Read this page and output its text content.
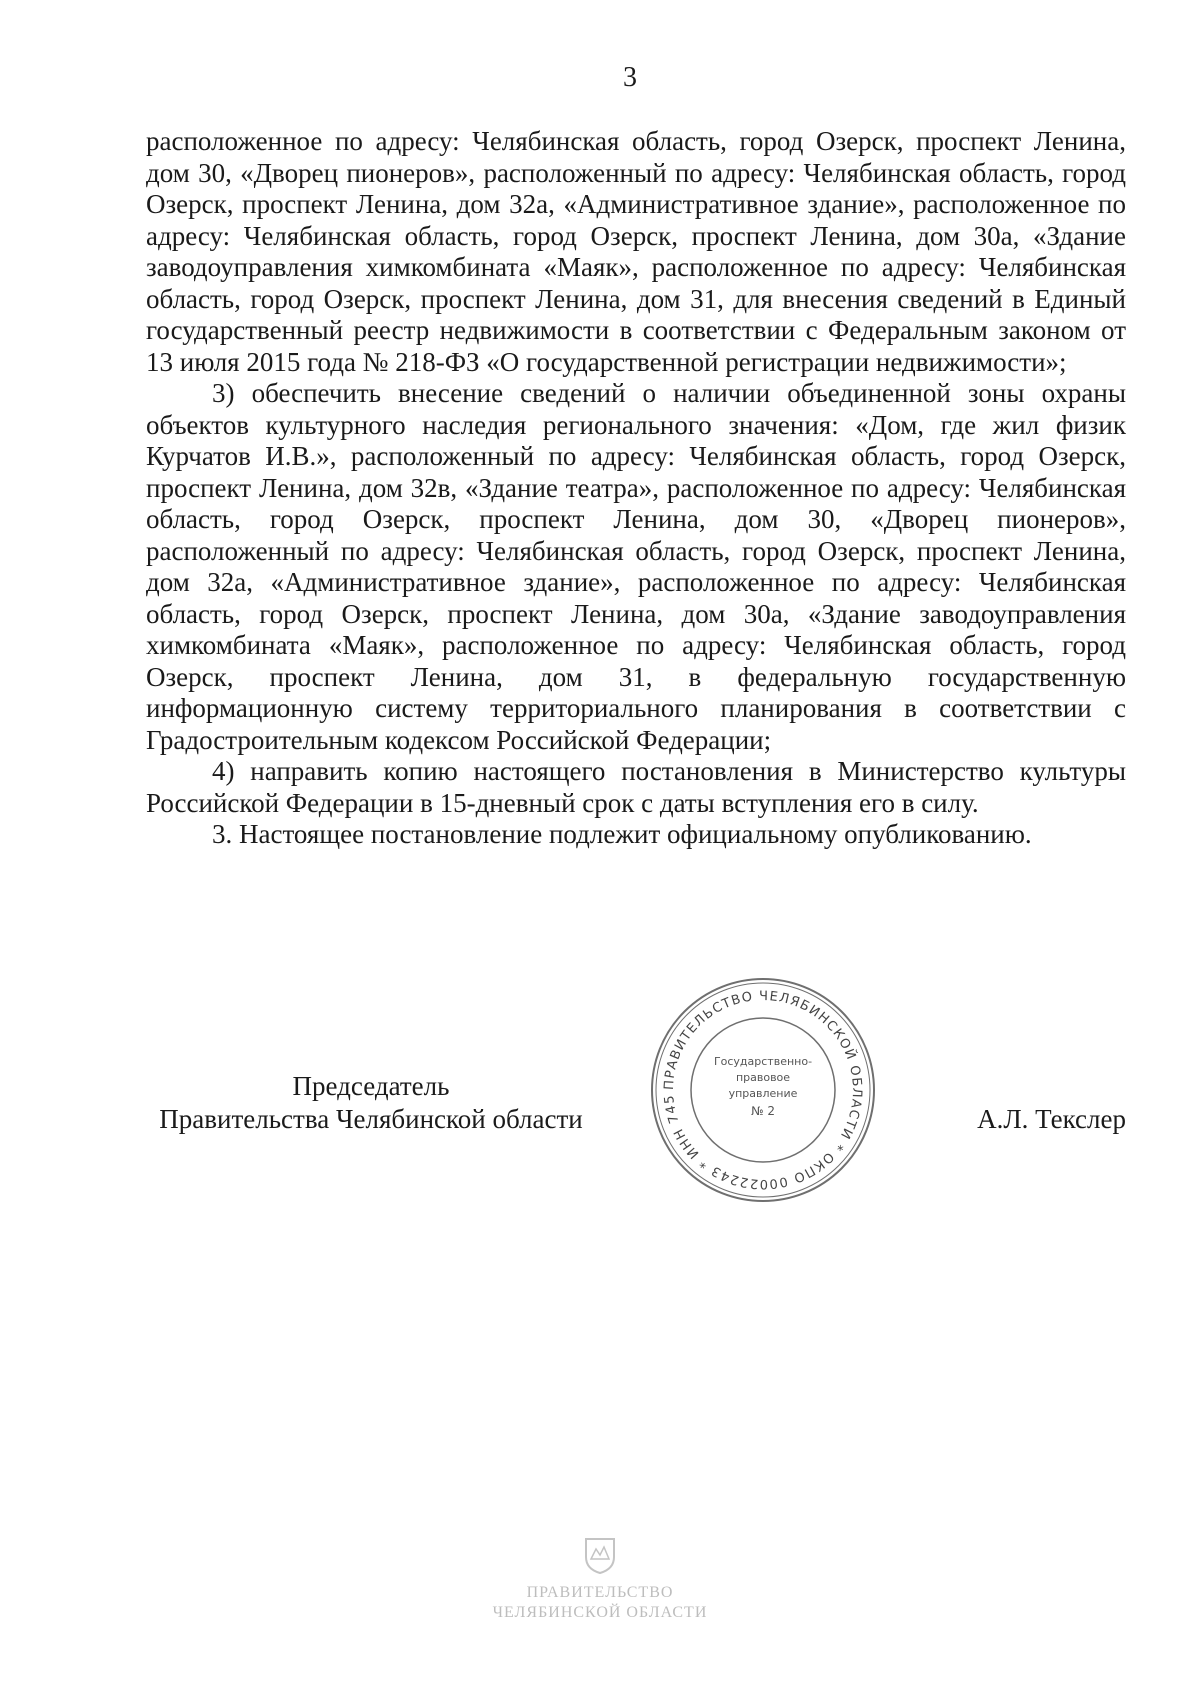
3

расположенное по адресу: Челябинская область, город Озерск, проспект Ленина, дом 30, «Дворец пионеров», расположенный по адресу: Челябинская область, город Озерск, проспект Ленина, дом 32а, «Административное здание», расположенное по адресу: Челябинская область, город Озерск, проспект Ленина, дом 30а, «Здание заводоуправления химкомбината «Маяк», расположенное по адресу: Челябинская область, город Озерск, проспект Ленина, дом 31, для внесения сведений в Единый государственный реестр недвижимости в соответствии с Федеральным законом от 13 июля 2015 года № 218-ФЗ «О государственной регистрации недвижимости»;

3) обеспечить внесение сведений о наличии объединенной зоны охраны объектов культурного наследия регионального значения: «Дом, где жил физик Курчатов И.В.», расположенный по адресу: Челябинская область, город Озерск, проспект Ленина, дом 32в, «Здание театра», расположенное по адресу: Челябинская область, город Озерск, проспект Ленина, дом 30, «Дворец пионеров», расположенный по адресу: Челябинская область, город Озерск, проспект Ленина, дом 32а, «Административное здание», расположенное по адресу: Челябинская область, город Озерск, проспект Ленина, дом 30а, «Здание заводоуправления химкомбината «Маяк», расположенное по адресу: Челябинская область, город Озерск, проспект Ленина, дом 31, в федеральную государственную информационную систему территориального планирования в соответствии с Градостроительным кодексом Российской Федерации;

4) направить копию настоящего постановления в Министерство культуры Российской Федерации в 15-дневный срок с даты вступления его в силу.

3. Настоящее постановление подлежит официальному опубликованию.

Председатель
Правительства Челябинской области
ПРАВИТЕЛЬСТВО ЧЕЛЯБИНСКОЙ ОБЛАСТИ * ОКПО 00022243 * ИНН 745
Государственно-
правовое
управление
№ 2	А.Л. Текслер
ПРАВИТЕЛЬСТВО
ЧЕЛЯБИНСКОЙ ОБЛАСТИ
